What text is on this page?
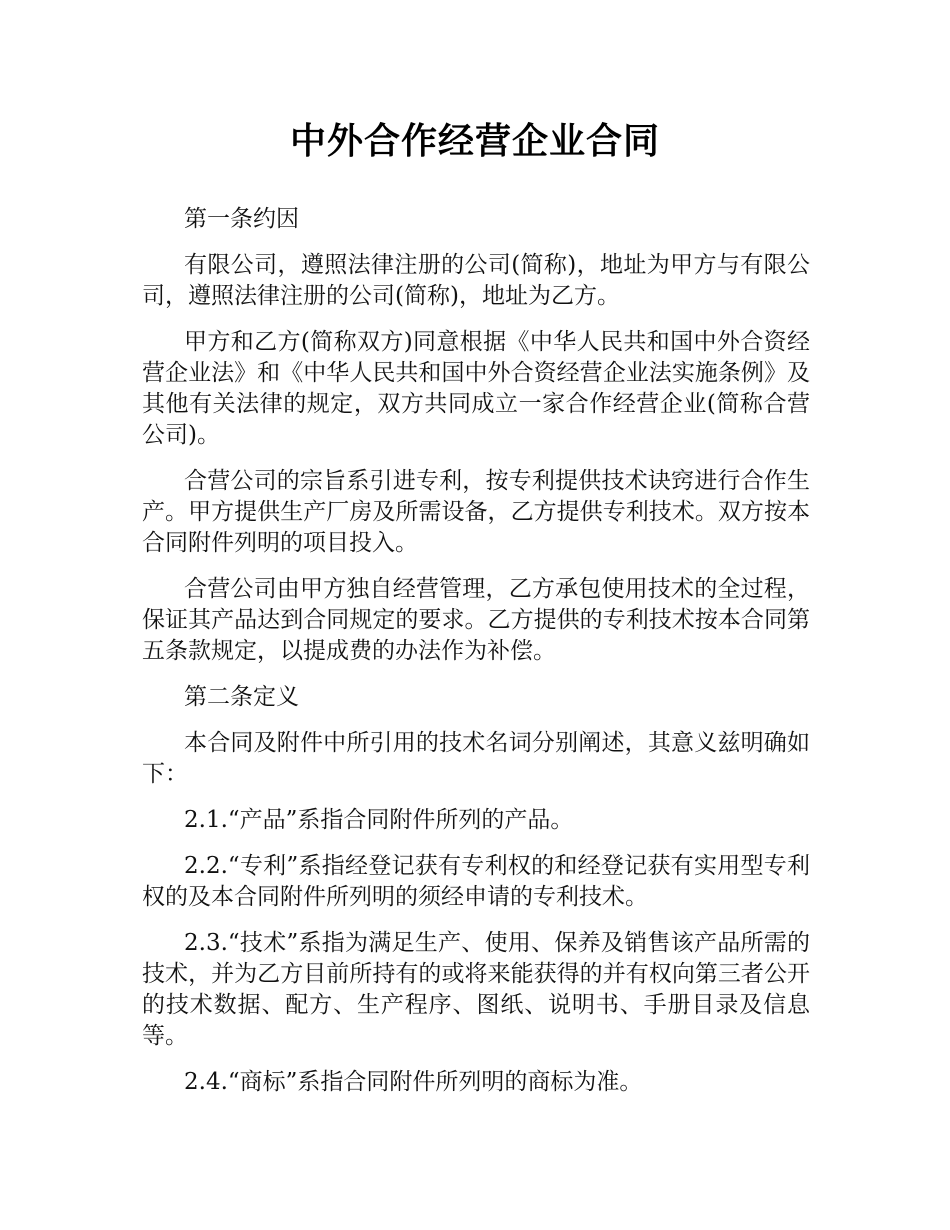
中外合作经营企业合同

第一条约因

有限公司，遵照法律注册的公司(简称)，地址为甲方与有限公司，遵照法律注册的公司(简称)，地址为乙方。

甲方和乙方(简称双方)同意根据《中华人民共和国中外合资经营企业法》和《中华人民共和国中外合资经营企业法实施条例》及其他有关法律的规定，双方共同成立一家合作经营企业(简称合营公司)。

合营公司的宗旨系引进专利，按专利提供技术诀窍进行合作生产。甲方提供生产厂房及所需设备，乙方提供专利技术。双方按本合同附件列明的项目投入。

合营公司由甲方独自经营管理，乙方承包使用技术的全过程，保证其产品达到合同规定的要求。乙方提供的专利技术按本合同第五条款规定，以提成费的办法作为补偿。

第二条定义

本合同及附件中所引用的技术名词分别阐述，其意义兹明确如下：

2.1.“产品”系指合同附件所列的产品。

2.2.“专利”系指经登记获有专利权的和经登记获有实用型专利权的及本合同附件所列明的须经申请的专利技术。

2.3.“技术”系指为满足生产、使用、保养及销售该产品所需的技术，并为乙方目前所持有的或将来能获得的并有权向第三者公开的技术数据、配方、生产程序、图纸、说明书、手册目录及信息等。

2.4.“商标”系指合同附件所列明的商标为准。
